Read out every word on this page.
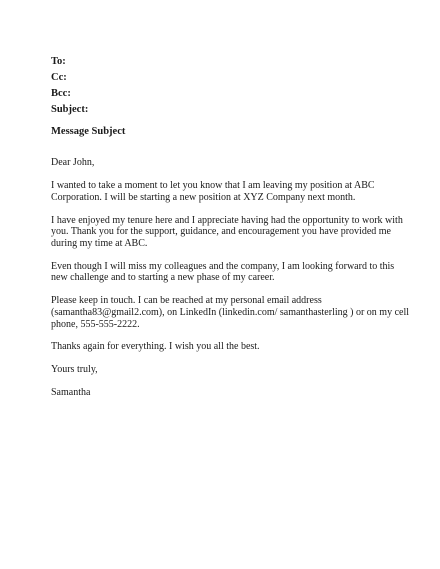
To:
Cc:
Bcc:
Subject:
Message Subject

Dear John,

I wanted to take a moment to let you know that I am leaving my position at ABC
Corporation. I will be starting a new position at XYZ Company next month.

I have enjoyed my tenure here and I appreciate having had the opportunity to work with
you. Thank you for the support, guidance, and encouragement you have provided me
during my time at ABC.

Even though I will miss my colleagues and the company, I am looking forward to this
new challenge and to starting a new phase of my career.

Please keep in touch. I can be reached at my personal email address
(samantha83@gmail2.com), on LinkedIn (linkedin.com/ samanthasterling ) or on my cell
phone, 555-555-2222.

Thanks again for everything. I wish you all the best.

Yours truly,

Samantha
